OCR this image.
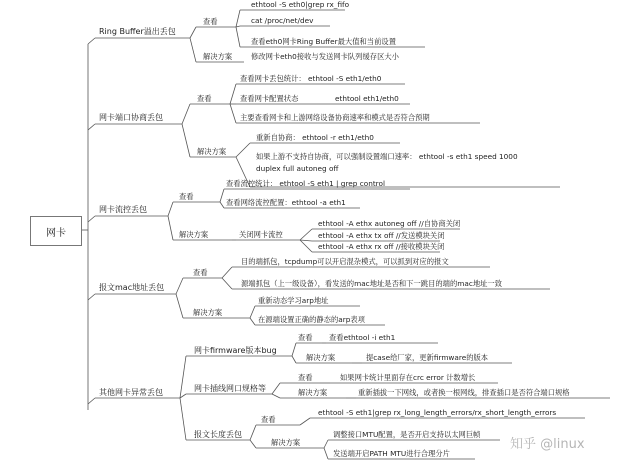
网卡
Ring Buffer溢出丢包
查看
ethtool -S eth0|grep rx_fifo
cat /proc/net/dev
查看eth0网卡Ring Buffer最大值和当前设置
解决方案	修改网卡eth0接收与发送网卡队列缓存区大小
网卡端口协商丢包
查看
查看网卡丢包统计： ethtool -S eth1/eth0
查看网卡配置状态	ethtool eth1/eth0
主要查看网卡和上游网络设备协商速率和模式是否符合预期
解决方案
重新自协商： ethtool -r eth1/eth0
如果上游不支持自协商，可以强制设置端口速率： ethtool -s eth1 speed 1000
duplex full autoneg off
网卡流控丢包
查看
查看流控统计： ethtool -S eth1 | grep control
查看网络流控配置：ethtool -a eth1
解决方案	关闭网卡流控
ethtool -A ethx autoneg off //自协商关闭
ethtool -A ethx tx off //发送模块关闭
ethtool -A ethx rx off //接收模块关闭
报文mac地址丢包
查看
目的端抓包，tcpdump可以开启混杂模式，可以抓到对应的报文
源端抓包（上一级设备），看发送的mac地址是否和下一跳目的端的mac地址一致
解决方案
重新动态学习arp地址
在源端设置正确的静态的arp表项
其他网卡异常丢包
网卡firmware版本bug
查看 查看ethtool -i eth1
解决方案	提case给厂家，更新firmware的版本
网卡插线网口规格等
查看	如果网卡统计里面存在crc error 计数增长
解决方案	重新插拔一下网线，或者换一根网线，排查插口是否符合端口规格
报文长度丢包
查看
ethtool -S eth1|grep rx_long_length_errors/rx_short_length_errors
解决方案
调整接口MTU配置，是否开启支持以太网巨帧
发送端开启PATH MTU进行合理分片
知乎 @linux
